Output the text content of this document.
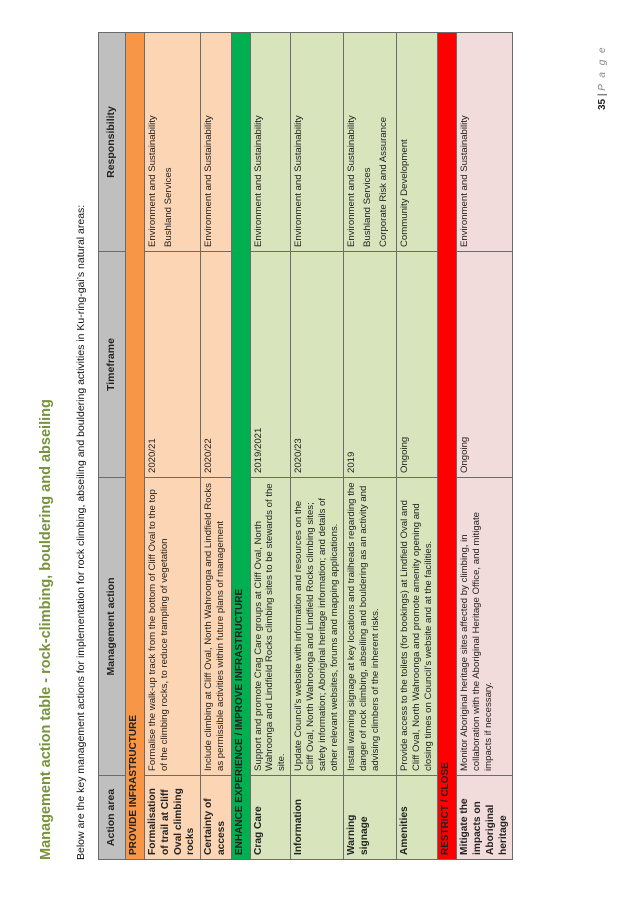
Management action table - rock-climbing, bouldering and abseiling Below are the key management actions for implementation for rock climbing, abseiling and bouldering activities in Ku-ring-gai’s natural areas: Action area	Management action	Timeframe	Responsibility
PROVIDE INFRASTRUCTURE			
Formalisation of trail at Cliff Oval climbing rocks	Formalise the walk-up track from the bottom of Cliff Oval to the top of the climbing rocks, to reduce trampling of vegetation	2020/21	Environment and Sustainability Bushland Services

Certainty of access	Include climbing at Cliff Oval, North Wahroonga and Lindfield Rocks as permissible activities within future plans of management	2020/22	Environment and Sustainability

ENHANCE EXPERIENCE / IMPROVE INFRASTRUCTURE			
Crag Care	Support and promote Crag Care groups at Cliff Oval, North Wahroonga and Lindfield Rocks climbing sites to be stewards of the site.	2019/2021	Environment and Sustainability

Information	Update Council’s website with information and resources on the Cliff Oval, North Wahroonga and Lindfield Rocks climbing sites; safety information; Aboriginal heritage information; and details of other relevant websites, forums and mapping applications.	2020/23	Environment and Sustainability

Warning signage	Install warning signage at key locations and trailheads regarding the danger of rock climbing, abseiling and bouldering as an activity and advising climbers of the inherent risks.	2019	Environment and Sustainability Bushland Services Corporate Risk and Assurance

Amenities	Provide access to the toilets (for bookings) at Lindfield Oval and Cliff Oval, North Wahroonga and promote amenity opening and closing times on Council’s website and at the facilities.	Ongoing	Community Development

RESTRICT / CLOSE			
Mitigate the impacts on Aboriginal heritage	Monitor Aboriginal heritage sites affected by climbing, in collaboration with the Aboriginal Heritage Office, and mitigate impacts if necessary.	Ongoing	Environment and Sustainability
35 | P a g e
